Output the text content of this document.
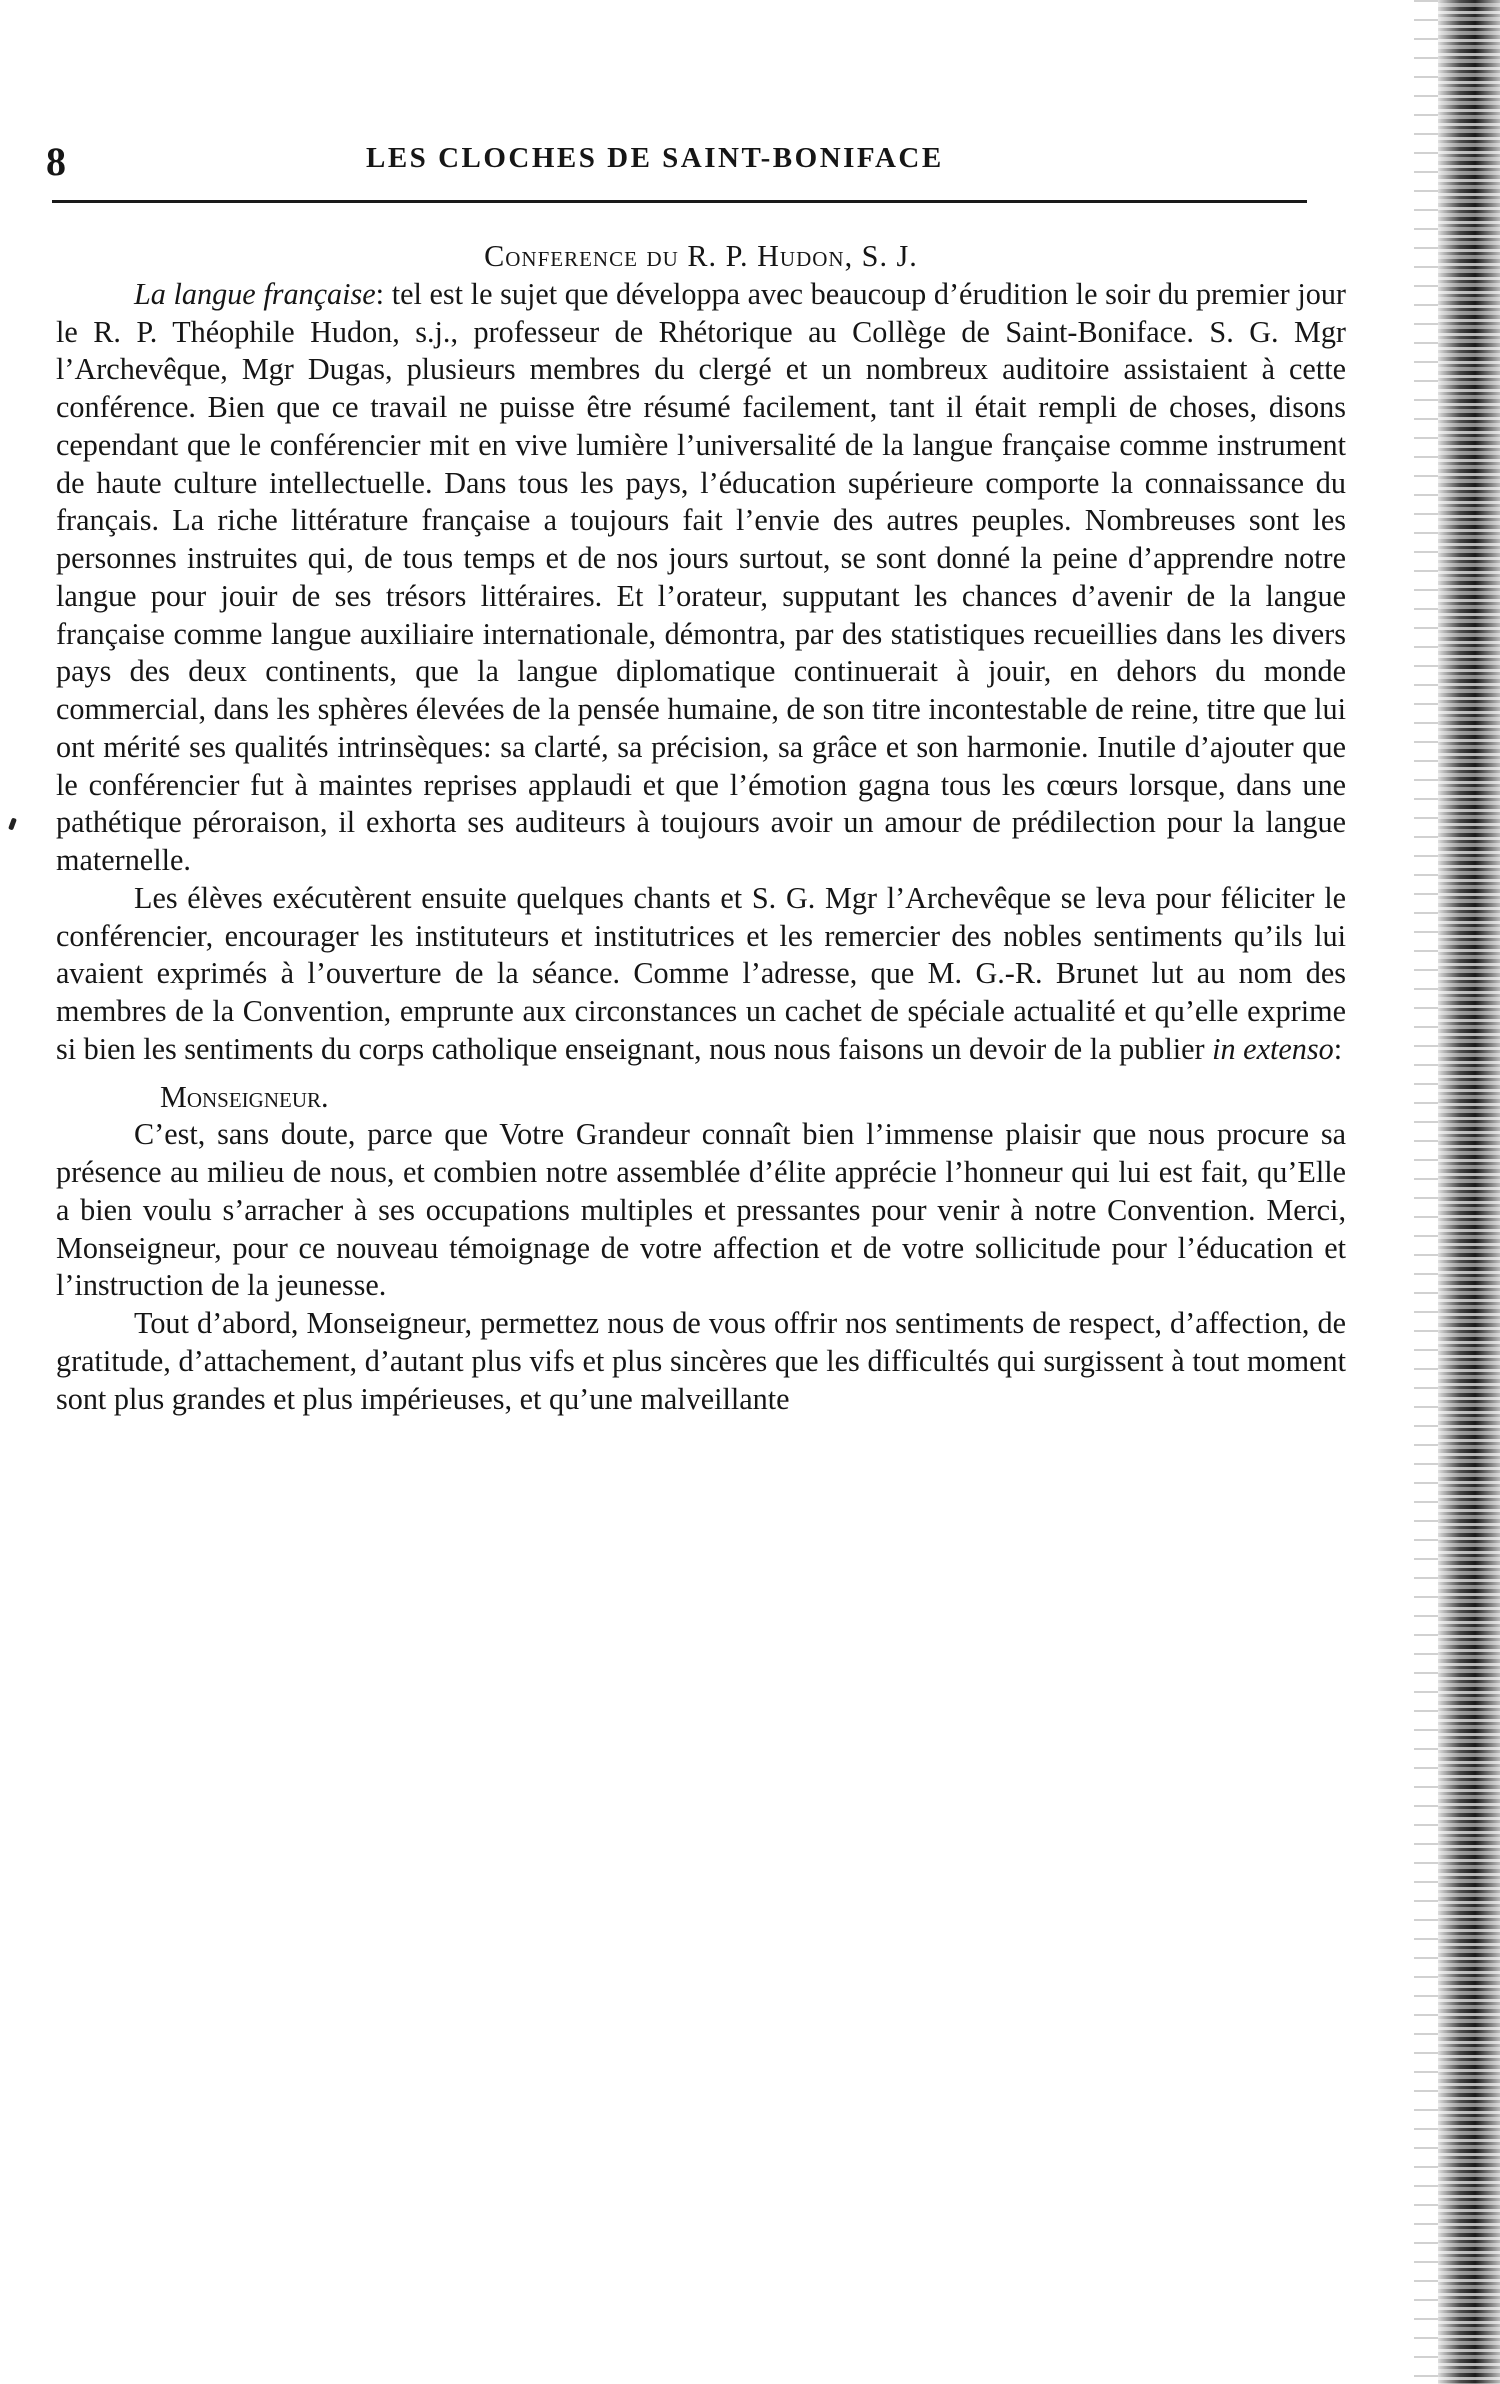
8	LES CLOCHES DE SAINT-BONIFACE

Conference du R. P. Hudon, S. J.

La langue française: tel est le sujet que développa avec beaucoup d’érudition le soir du premier jour le R. P. Théophile Hudon, s.j., professeur de Rhétorique au Collège de Saint-Boniface. S. G. Mgr l’Archevêque, Mgr Dugas, plusieurs membres du clergé et un nombreux auditoire assistaient à cette conférence. Bien que ce travail ne puisse être résumé facilement, tant il était rempli de choses, disons cependant que le conférencier mit en vive lumière l’universalité de la langue française comme instrument de haute culture intellectuelle. Dans tous les pays, l’éducation supérieure comporte la connaissance du français. La riche littérature française a toujours fait l’envie des autres peuples. Nombreuses sont les personnes instruites qui, de tous temps et de nos jours surtout, se sont donné la peine d’apprendre notre langue pour jouir de ses trésors littéraires. Et l’orateur, supputant les chances d’avenir de la langue française comme langue auxiliaire internationale, démontra, par des statistiques recueillies dans les divers pays des deux continents, que la langue diplomatique continuerait à jouir, en dehors du monde commercial, dans les sphères élevées de la pensée humaine, de son titre incontestable de reine, titre que lui ont mérité ses qualités intrinsèques: sa clarté, sa précision, sa grâce et son harmonie. Inutile d’ajouter que le conférencier fut à maintes reprises applaudi et que l’émotion gagna tous les cœurs lorsque, dans une pathétique péroraison, il exhorta ses auditeurs à toujours avoir un amour de prédilection pour la langue maternelle.

Les élèves exécutèrent ensuite quelques chants et S. G. Mgr l’Archevêque se leva pour féliciter le conférencier, encourager les instituteurs et institutrices et les remercier des nobles sentiments qu’ils lui avaient exprimés à l’ouverture de la séance. Comme l’adresse, que M. G.-R. Brunet lut au nom des membres de la Convention, emprunte aux circonstances un cachet de spéciale actualité et qu’elle exprime si bien les sentiments du corps catholique enseignant, nous nous faisons un devoir de la publier in extenso:

Monseigneur.

C’est, sans doute, parce que Votre Grandeur connaît bien l’immense plaisir que nous procure sa présence au milieu de nous, et combien notre assemblée d’élite apprécie l’honneur qui lui est fait, qu’Elle a bien voulu s’arracher à ses occupations multiples et pressantes pour venir à notre Convention. Merci, Monseigneur, pour ce nouveau témoignage de votre affection et de votre sollicitude pour l’éducation et l’instruction de la jeunesse.

Tout d’abord, Monseigneur, permettez nous de vous offrir nos sentiments de respect, d’affection, de gratitude, d’attachement, d’autant plus vifs et plus sincères que les difficultés qui surgissent à tout moment sont plus grandes et plus impérieuses, et qu’une malveillante
